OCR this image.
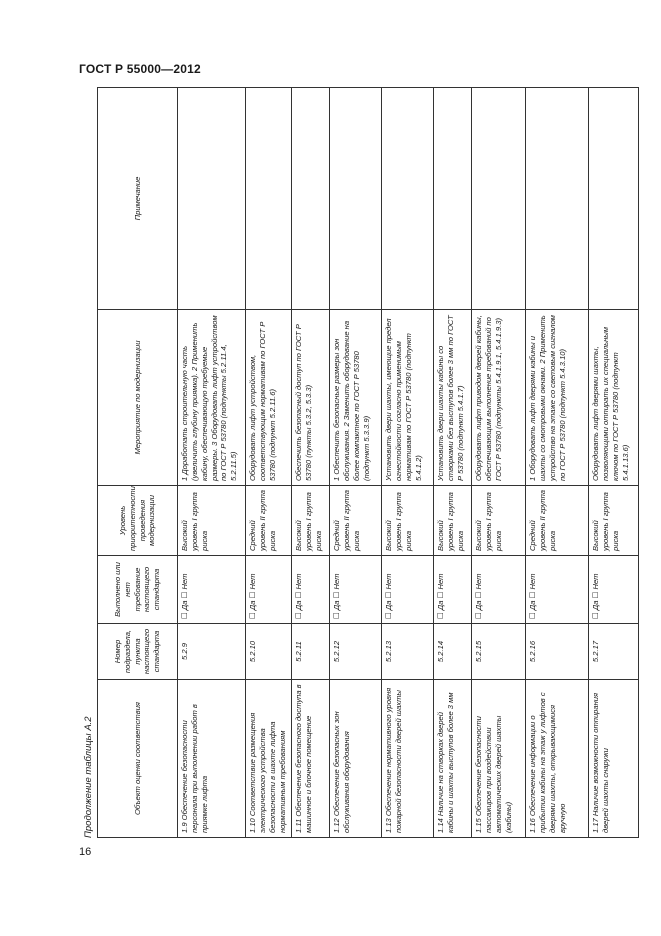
ГОСТ Р 55000—2012
16
Продолжение таблицы А.2	Объект оценки соответствия	Номер подраздела, пункта настоящего стандарта	Выполнено или нет требование настоящего стандарта	Уровень приоритетности проведения модернизации	Мероприятие по модернизации	Примечание
1.9 Обеспечение безопасности персонала при выполнении работ в приямке лифта	5.2.9	☐ Да ☐ Нет	Высокий уровень I группа риска	1 Доработать строительную часть (увеличить глубину приямка). 2 Применить кабину, обеспечивающую требуемые размеры. 3 Оборудовать лифт устройством по ГОСТ Р 53780 (подпункты 5.2.11.4, 5.2.11.5)	
1.10 Соответствие размещения электрического устройства безопасности в шахте лифта нормативным требованиям	5.2.10	☐ Да ☐ Нет	Средний уровень II группа риска	Оборудовать лифт устройством, соответствующим нормативам по ГОСТ Р 53780 (подпункт 5.2.11.6)	
1.11 Обеспечение безопасного доступа в машинное и блочное помещение	5.2.11	☐ Да ☐ Нет	Высокий уровень I группа риска	Обеспечить безопасный доступ по ГОСТ Р 53780 (пункты 5.3.2, 5.3.3)	
1.12 Обеспечение безопасных зон обслуживания оборудования	5.2.12	☐ Да ☐ Нет	Средний уровень II группа риска	1 Обеспечить безопасные размеры зон обслуживания. 2 Заменить оборудование на более компактное по ГОСТ Р 53780 (подпункт 5.3.3.9)	
1.13 Обеспечение нормативного уровня пожарной безопасности дверей шахты	5.2.13	☐ Да ☐ Нет	Высокий уровень I группа риска	Установить двери шахты, имеющие предел огнестойкости согласно применимым нормативам по ГОСТ Р 53780 (подпункт 5.4.1.2)	
1.14 Наличие на створках дверей кабины и шахты выступов более 3 мм	5.2.14	☐ Да ☐ Нет	Высокий уровень I группа риска	Установить двери шахты кабины со створками без выступов более 3 мм по ГОСТ Р 53780 (подпункт 5.4.1.7)	
1.15 Обеспечение безопасности пассажиров при воздействии автоматических дверей шахты (кабины)	5.2.15	☐ Да ☐ Нет	Высокий уровень I группа риска	Оборудовать лифт приводом дверей кабины, обеспечивающим выполнение требований по ГОСТ Р 53780 (подпункты 5.4.1.9.1, 5.4.1.9.3)	
1.16 Обеспечение информации о прибытии кабины на этаж у лифтов с дверями шахты, открывающимися вручную	5.2.16	☐ Да ☐ Нет	Средний уровень II группа риска	1 Оборудовать лифт дверями кабины и шахты со смотровыми окнами. 2 Применить устройство на этаже со световым сигналом по ГОСТ Р 53780 (подпункт 5.4.3.10)	
1.17 Наличие возможности отпирания дверей шахты снаружи	5.2.17	☐ Да ☐ Нет	Высокий уровень I группа риска	Оборудовать лифт дверями шахты, позволяющими отпирать их специальным ключом по ГОСТ Р 53780 (подпункт 5.4.1.13.6)	
